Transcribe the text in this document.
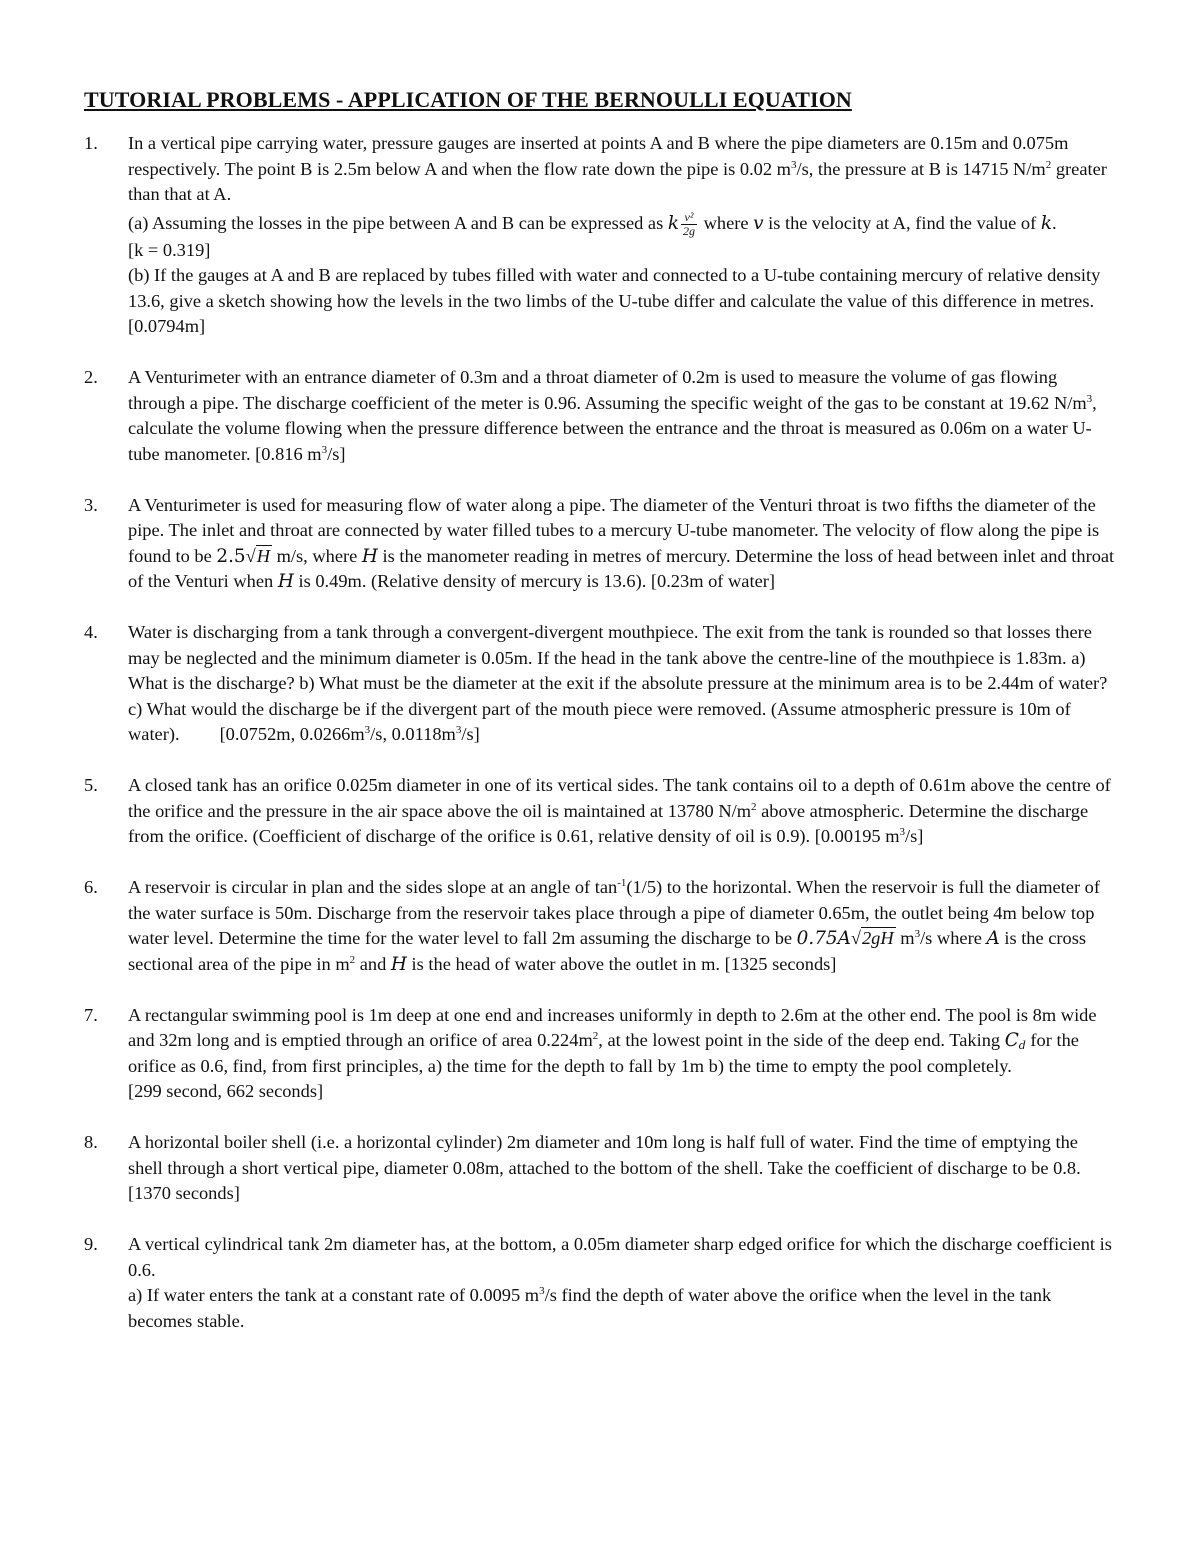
TUTORIAL PROBLEMS - APPLICATION OF THE BERNOULLI EQUATION
1.	In a vertical pipe carrying water, pressure gauges are inserted at points A and B where the pipe diameters are 0.15m and 0.075m respectively. The point B is 2.5m below A and when the flow rate down the pipe is 0.02 $m^3/s$, the pressure at B is 14715 $N/m^2$ greater than that at A.

(a) Assuming the losses in the pipe between A and B can be expressed as k $\frac{\text{v²}}{2g}$ where v is the velocity at A, find the value of k.[k = 0.319]

(b) If the gauges at A and B are replaced by tubes filled with water and connected to a U-tube containing mercury of relative density 13.6, give a sketch showing how the levels in the two limbs of the U-tube differ and calculate the value of this difference in metres. [0.0794m]

2.	A Venturimeter with an entrance diameter of 0.3m and a throat diameter of 0.2m is used to measure the volume of gas flowing through a pipe. The discharge coefficient of the meter is 0.96. Assuming the specific weight of the gas to be constant at 19.62 $N/m^3$, calculate the volume flowing when the pressure difference between the entrance and the throat is measured as 0.06m on a water U-tube manometer. [0.816 $m^3/s$]

3.	A Venturimeter is used for measuring flow of water along a pipe. The diameter of the Venturi throat is two fifths the diameter of the pipe. The inlet and throat are connected by water filled tubes to a mercury U-tube manometer. The velocity of flow along the pipe is found to be 2.5√H m/s, where H is the manometer reading in metres of mercury. Determine the loss of head between inlet and throat of the Venturi when H is 0.49m. (Relative density of mercury is 13.6). [0.23m of water]

4.	Water is discharging from a tank through a convergent-divergent mouthpiece. The exit from the tank is rounded so that losses there may be neglected and the minimum diameter is 0.05m. If the head in the tank above the centre-line of the mouthpiece is 1.83m. a) What is the discharge? b) What must be the diameter at the exit if the absolute pressure at the minimum area is to be 2.44m of water? c) What would the discharge be if the divergent part of the mouth piece were removed. (Assume atmospheric pressure is 10m of water). [0.0752m, $0.0266m^3/s$, $0.0118m^3/s$]

5.	A closed tank has an orifice 0.025m diameter in one of its vertical sides. The tank contains oil to a depth of 0.61m above the centre of the orifice and the pressure in the air space above the oil is maintained at 13780 $N/m^2$ above atmospheric. Determine the discharge from the orifice. (Coefficient of discharge of the orifice is 0.61, relative density of oil is 0.9). [0.00195 $m^3/s$]

6.	A reservoir is circular in plan and the sides slope at an angle of $\tan^{-1}(1/5)$ to the horizontal. When the reservoir is full the diameter of the water surface is 50m. Discharge from the reservoir takes place through a pipe of diameter 0.65m, the outlet being 4m below top water level. Determine the time for the water level to fall 2m assuming the discharge to be 0.75A√2gH $m^3/s$ where A is the cross sectional area of the pipe in $m^2$ and H is the head of water above the outlet in m. [1325 seconds]

7.	A rectangular swimming pool is 1m deep at one end and increases uniformly in depth to 2.6m at the other end. The pool is 8m wide and 32m long and is emptied through an orifice of area $0.224m^2$, at the lowest point in the side of the deep end. Taking $C_d$ for the orifice as 0.6, find, from first principles, a) the time for the depth to fall by 1m b) the time to empty the pool completely.[299 second, 662 seconds]

8.	A horizontal boiler shell (i.e. a horizontal cylinder) 2m diameter and 10m long is half full of water. Find the time of emptying the shell through a short vertical pipe, diameter 0.08m, attached to the bottom of the shell. Take the coefficient of discharge to be 0.8. [1370 seconds]

9.	A vertical cylindrical tank 2m diameter has, at the bottom, a 0.05m diameter sharp edged orifice for which the discharge coefficient is 0.6.

a) If water enters the tank at a constant rate of 0.0095 $m^3/s$ find the depth of water above the orifice when the level in the tank becomes stable.
